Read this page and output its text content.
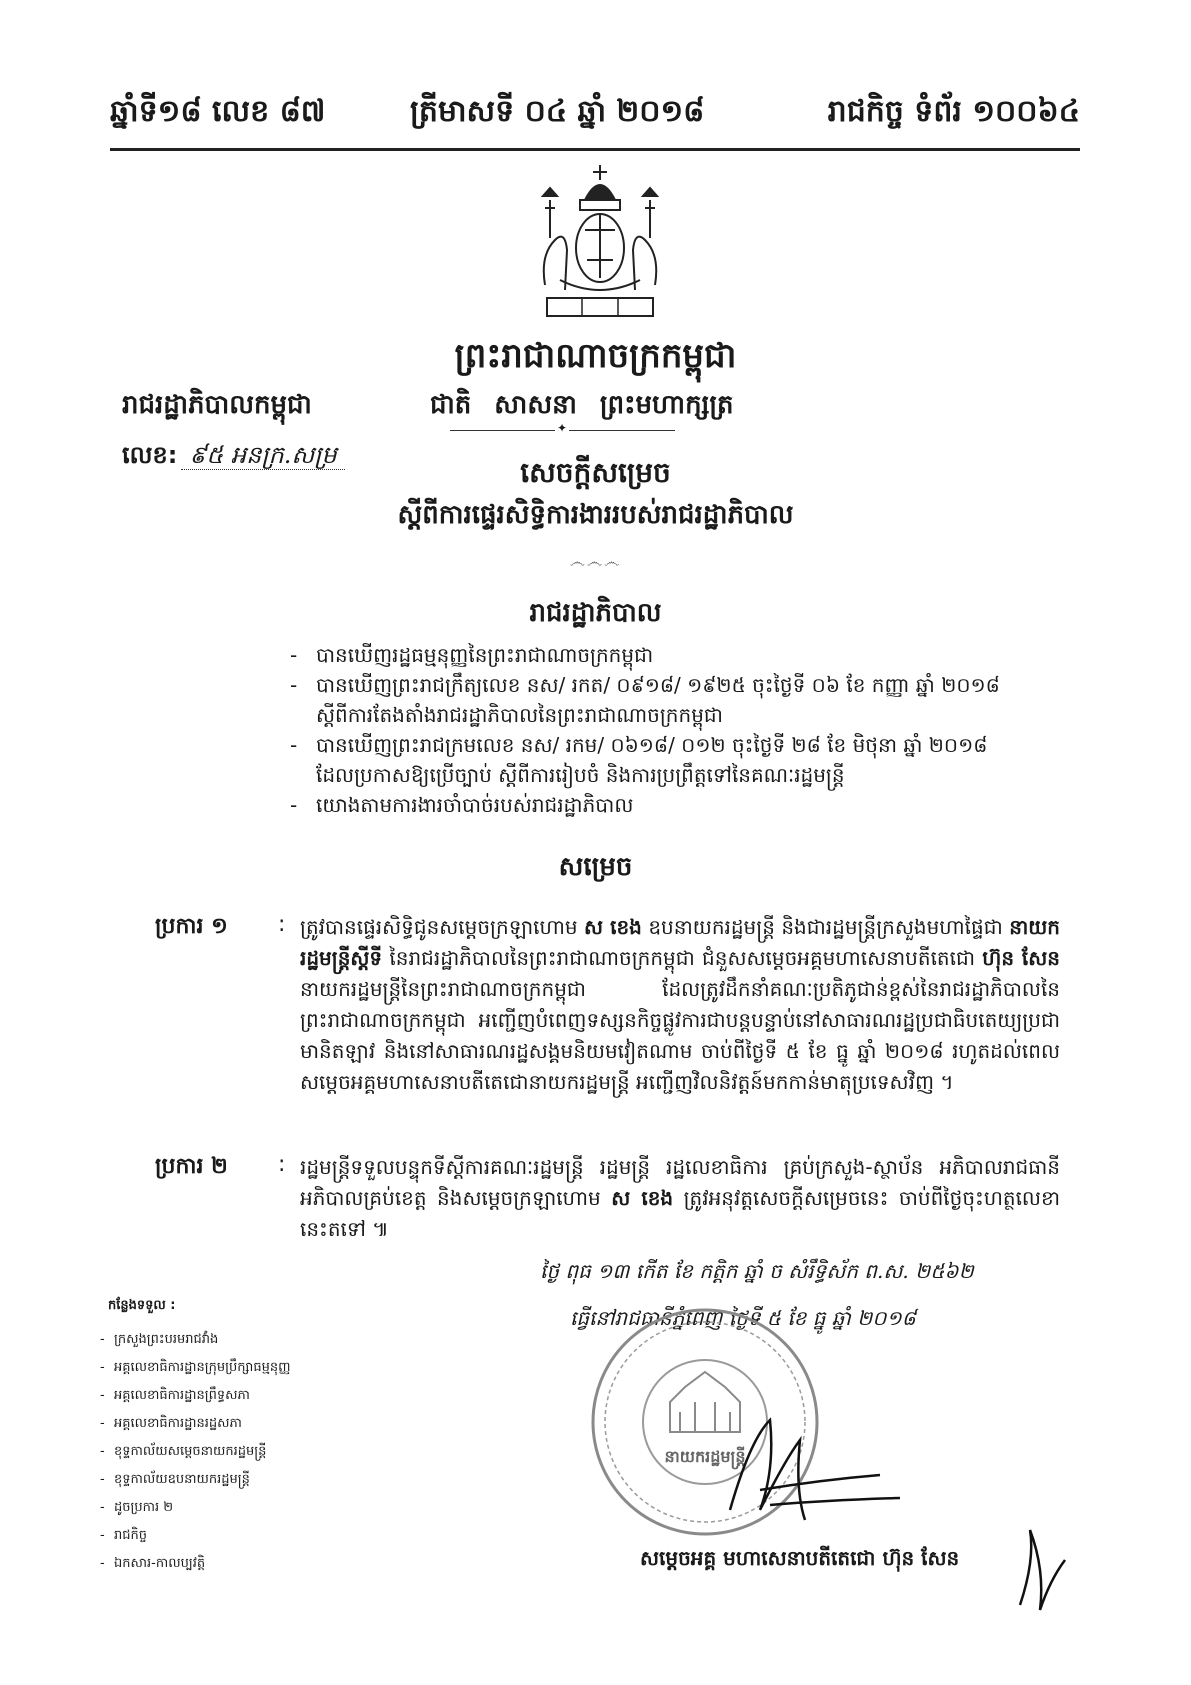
ឆ្នាំទី១៨ លេខ ៨៧	ត្រីមាសទី ០៤ ឆ្នាំ ២០១៨	រាជកិច្ច ទំព័រ ១០០៦៤
ព្រះរាជាណាចក្រកម្ពុជា
រាជរដ្ឋាភិបាលកម្ពុជា	ជាតិ សាសនា ព្រះមហាក្សត្រ
✦
លេខ: ៩៥ អនក្រ.សម្រ
សេចក្តីសម្រេច
ស្តីពីការផ្ទេរសិទ្ធិការងាររបស់រាជរដ្ឋាភិបាល
෴෴෴
រាជរដ្ឋាភិបាល
- បានឃើញរដ្ឋធម្មនុញ្ញនៃព្រះរាជាណាចក្រកម្ពុជា
- បានឃើញព្រះរាជក្រឹត្យលេខ នស/ រកត/ ០៩១៨/ ១៩២៥ ចុះថ្ងៃទី ០៦ ខែ កញ្ញា ឆ្នាំ ២០១៨
ស្តីពីការតែងតាំងរាជរដ្ឋាភិបាលនៃព្រះរាជាណាចក្រកម្ពុជា
- បានឃើញព្រះរាជក្រមលេខ នស/ រកម/ ០៦១៨/ ០១២ ចុះថ្ងៃទី ២៨ ខែ មិថុនា ឆ្នាំ ២០១៨
ដែលប្រកាសឱ្យប្រើច្បាប់ ស្តីពីការរៀបចំ និងការប្រព្រឹត្តទៅនៃគណៈរដ្ឋមន្ត្រី
- យោងតាមការងារចាំបាច់របស់រាជរដ្ឋាភិបាល
សម្រេច
ប្រការ ១	: ត្រូវបានផ្ទេរសិទ្ធិជូនសម្តេចក្រឡាហោម ស ខេង ឧបនាយករដ្ឋមន្ត្រី និងជារដ្ឋមន្ត្រីក្រសួងមហាផ្ទៃជា នាយករដ្ឋមន្ត្រីស្តីទី នៃរាជរដ្ឋាភិបាលនៃព្រះរាជាណាចក្រកម្ពុជា ជំនួសសម្តេចអគ្គមហាសេនាបតីតេជោ ហ៊ុន សែន នាយករដ្ឋមន្ត្រីនៃព្រះរាជាណាចក្រកម្ពុជា ដែលត្រូវដឹកនាំគណៈប្រតិភូជាន់ខ្ពស់នៃរាជរដ្ឋាភិបាលនៃព្រះរាជាណាចក្រកម្ពុជា អញ្ជើញបំពេញទស្សនកិច្ចផ្លូវការជាបន្តបន្ទាប់នៅសាធារណរដ្ឋប្រជាធិបតេយ្យប្រជាមានិតឡាវ និងនៅសាធារណរដ្ឋសង្គមនិយមវៀតណាម ចាប់ពីថ្ងៃទី ៥ ខែ ធ្នូ ឆ្នាំ ២០១៨ រហូតដល់ពេលសម្តេចអគ្គមហាសេនាបតីតេជោនាយករដ្ឋមន្ត្រី អញ្ជើញវិលនិវត្តន៍មកកាន់មាតុប្រទេសវិញ ។
ប្រការ ២	: រដ្ឋមន្ត្រីទទួលបន្ទុកទីស្តីការគណៈរដ្ឋមន្ត្រី រដ្ឋមន្ត្រី រដ្ឋលេខាធិការ គ្រប់ក្រសួង-ស្ថាប័ន អភិបាលរាជធានី អភិបាលគ្រប់ខេត្ត និងសម្តេចក្រឡាហោម ស ខេង ត្រូវអនុវត្តសេចក្តីសម្រេចនេះ ចាប់ពីថ្ងៃចុះហត្ថលេខានេះតទៅ ៕
ថ្ងៃ ពុធ ១៣ កើត ខែ កត្តិក ឆ្នាំ ច សំរឹទ្ធិស័ក ព.ស. ២៥៦២
ធ្វើនៅរាជធានីភ្នំពេញ ថ្ងៃទី ៥ ខែ ធ្នូ ឆ្នាំ ២០១៨
កន្លែងទទួល :
- ក្រសួងព្រះបរមរាជវាំង
- អគ្គលេខាធិការដ្ឋានក្រុមប្រឹក្សាធម្មនុញ្ញ
- អគ្គលេខាធិការដ្ឋានព្រឹទ្ធសភា
- អគ្គលេខាធិការដ្ឋានរដ្ឋសភា
- ខុទ្ទកាល័យសម្តេចនាយករដ្ឋមន្ត្រី
- ខុទ្ទកាល័យឧបនាយករដ្ឋមន្ត្រី
- ដូចប្រការ ២
- រាជកិច្ច
- ឯកសារ-កាលប្បវត្តិ
នាយករដ្ឋមន្ត្រី
សម្តេចអគ្គ មហាសេនាបតីតេជោ ហ៊ុន សែន
